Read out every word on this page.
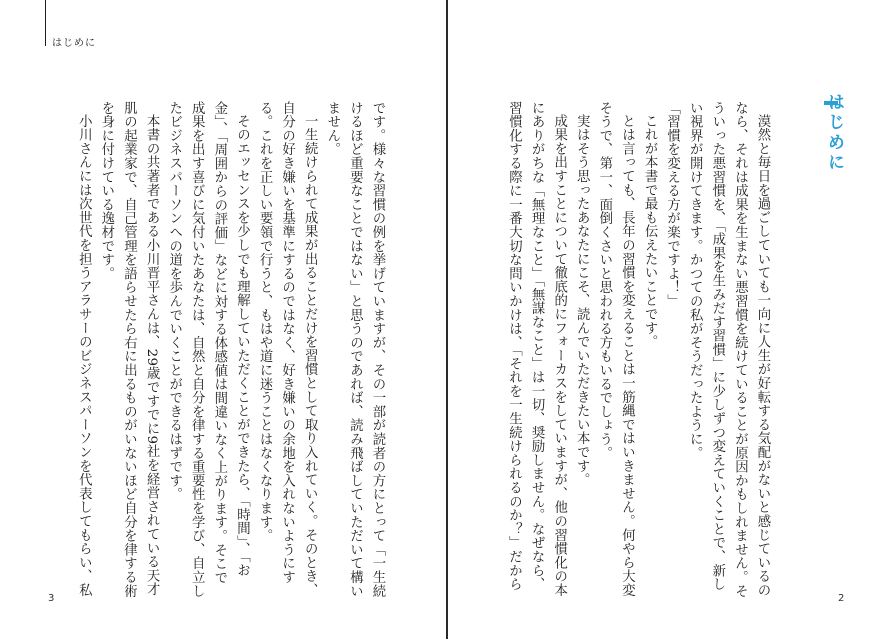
はじめに

です。様々な習慣の例を挙げていますが、その一部が読者の方にとって「一生続

けるほど重要なことではない」と思うのであれば、読み飛ばしていただいて構い

ません。

一生続けられて成果が出ることだけを習慣として取り入れていく。そのとき、

自分の好き嫌いを基準にするのではなく、好き嫌いの余地を入れないようにす

る。これを正しい要領で行うと、もはや道に迷うことはなくなります。

そのエッセンスを少しでも理解していただくことができたら、「時間」、「お

金」、「周囲からの評価」などに対する体感値は間違いなく上がります。そこで

成果を出す喜びに気付いたあなたは、自然と自分を律する重要性を学び、自立し

たビジネスパーソンへの道を歩んでいくことができるはずです。

本書の共著者である小川晋平さんは、29歳ですでに9社を経営されている天才

肌の起業家で、自己管理を語らせたら右に出るものがいないほど自分を律する術

を身に付けている逸材です。

小川さんには次世代を担うアラサーのビジネスパーソンを代表してもらい、私

3
はじめに

漠然と毎日を過ごしていても一向に人生が好転する気配がないと感じているの

なら、それは成果を生まない悪習慣を続けていることが原因かもしれません。そ

ういった悪習慣を、「成果を生みだす習慣」に少しずつ変えていくことで、新し

い視界が開けてきます。かつての私がそうだったように。

「習慣を変える方が楽ですよ！」

これが本書で最も伝えたいことです。

とは言っても、長年の習慣を変えることは一筋縄ではいきません。何やら大変

そうで、第一、面倒くさいと思われる方もいるでしょう。

実はそう思ったあなたにこそ、読んでいただきたい本です。

成果を出すことについて徹底的にフォーカスをしていますが、他の習慣化の本

にありがちな「無理なこと」「無謀なこと」は一切、奨励しません。なぜなら、

習慣化する際に一番大切な問いかけは、「それを一生続けられるのか？」だから

2
